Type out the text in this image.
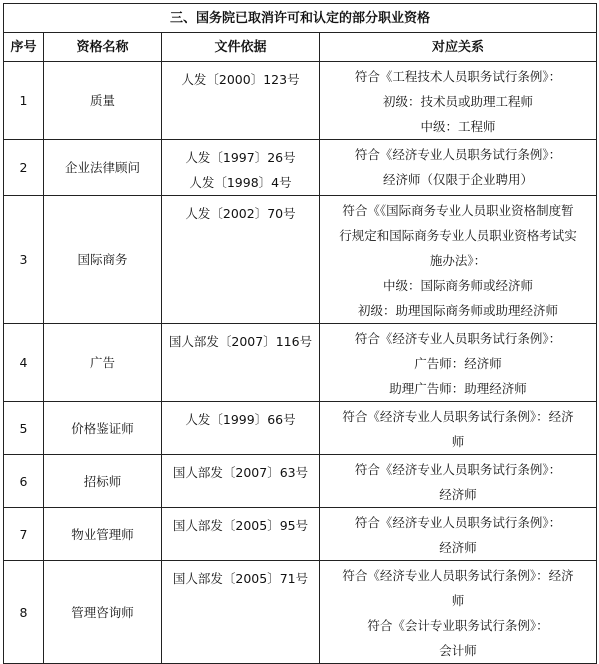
三、国务院已取消许可和认定的部分职业资格			
序号	资格名称	文件依据	对应关系
1	质量	人发〔2000〕123号	符合《工程技术人员职务试行条例》：
初级：技术员或助理工程师
中级：工程师

2	企业法律顾问	人发〔1997〕26号
人发〔1998〕4号	符合《经济专业人员职务试行条例》：
经济师（仅限于企业聘用）

3	国际商务	人发〔2002〕70号	符合《《国际商务专业人员职业资格制度暂
行规定和国际商务专业人员职业资格考试实
施办法》：
中级：国际商务师或经济师
初级：助理国际商务师或助理经济师

4	广告	国人部发〔2007〕116号	符合《经济专业人员职务试行条例》：
广告师：经济师
助理广告师：助理经济师

5	价格鉴证师	人发〔1999〕66号	符合《经济专业人员职务试行条例》：经济
师

6	招标师	国人部发〔2007〕63号	符合《经济专业人员职务试行条例》：
经济师

7	物业管理师	国人部发〔2005〕95号	符合《经济专业人员职务试行条例》：
经济师

8	管理咨询师	国人部发〔2005〕71号	符合《经济专业人员职务试行条例》：经济
师
符合《会计专业职务试行条例》：
会计师
